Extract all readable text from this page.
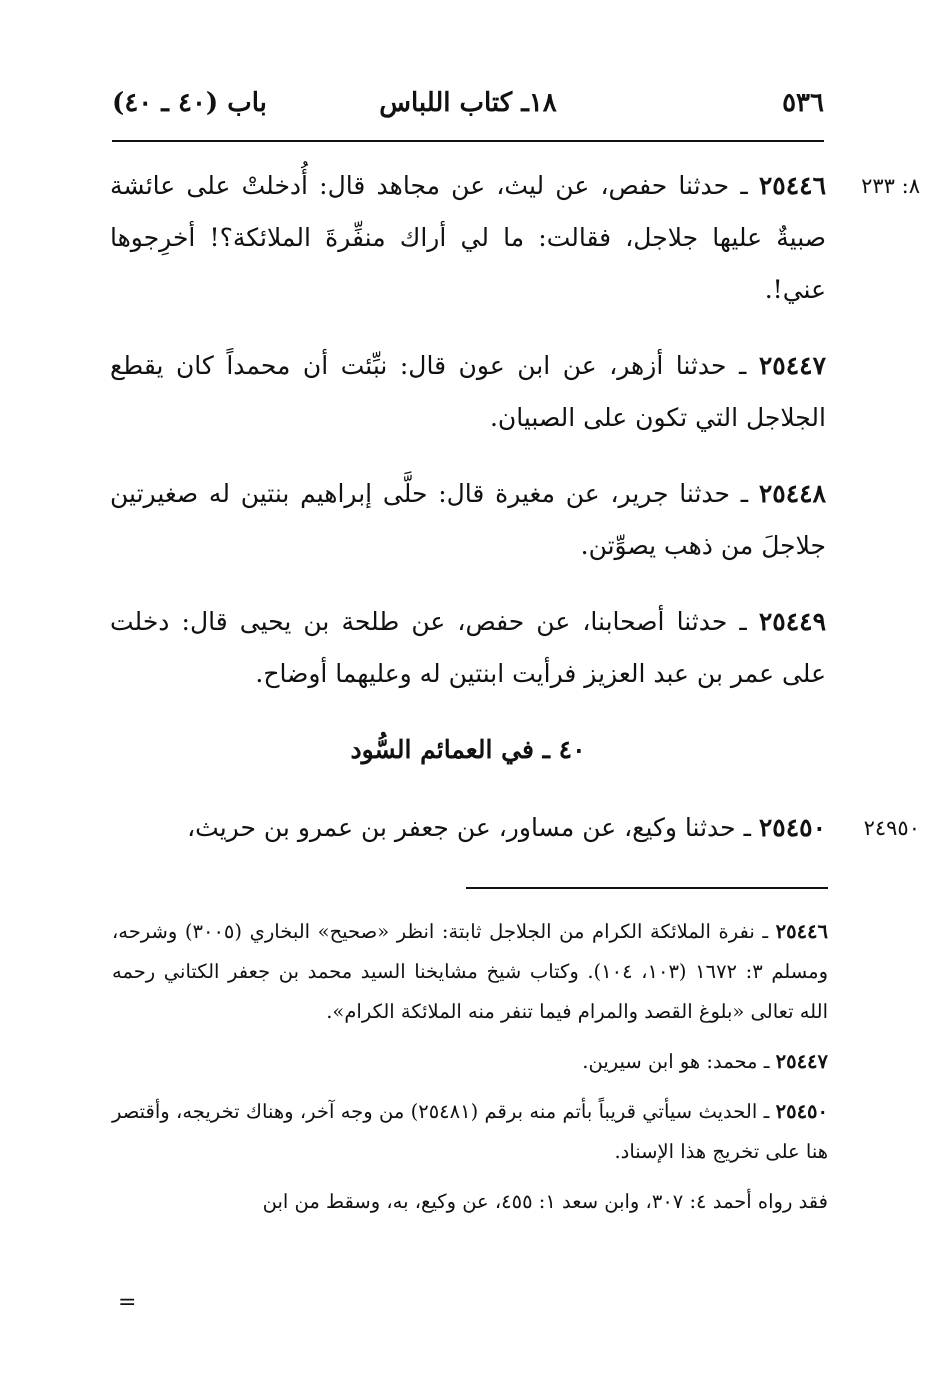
٥٣٦
١٨ـ كتاب اللباس
باب (٤٠ ـ ٤٠)

٨: ٢٣٣
٢٥٤٤٦ ـ حدثنا حفص، عن ليث، عن مجاهد قال: أُدخلتْ على عائشة صبيةٌ عليها جلاجل، فقالت: ما لي أراك منفِّرةَ الملائكة؟! أخرِجوها عني!.

٢٥٤٤٧ ـ حدثنا أزهر، عن ابن عون قال: نبِّئت أن محمداً كان يقطع الجلاجل التي تكون على الصبيان.

٢٥٤٤٨ ـ حدثنا جرير، عن مغيرة قال: حلَّى إبراهيم بنتين له صغيرتين جلاجلَ من ذهب يصوِّتن.

٢٥٤٤٩ ـ حدثنا أصحابنا، عن حفص، عن طلحة بن يحيى قال: دخلت على عمر بن عبد العزيز فرأيت ابنتين له وعليهما أوضاح.

٤٠ ـ في العمائم السُّود

٢٤٩٥٠
٢٥٤٥٠ ـ حدثنا وكيع، عن مساور، عن جعفر بن عمرو بن حريث،

٢٥٤٤٦ ـ نفرة الملائكة الكرام من الجلاجل ثابتة: انظر «صحيح» البخاري (٣٠٠٥) وشرحه، ومسلم ٣: ١٦٧٢ (١٠٣، ١٠٤). وكتاب شيخ مشايخنا السيد محمد بن جعفر الكتاني رحمه الله تعالى «بلوغ القصد والمرام فيما تنفر منه الملائكة الكرام».

٢٥٤٤٧ ـ محمد: هو ابن سيرين.

٢٥٤٥٠ ـ الحديث سيأتي قريباً بأتم منه برقم (٢٥٤٨١) من وجه آخر، وهناك تخريجه، وأقتصر هنا على تخريج هذا الإسناد.

فقد رواه أحمد ٤: ٣٠٧، وابن سعد ١: ٤٥٥، عن وكيع، به، وسقط من ابن

=
